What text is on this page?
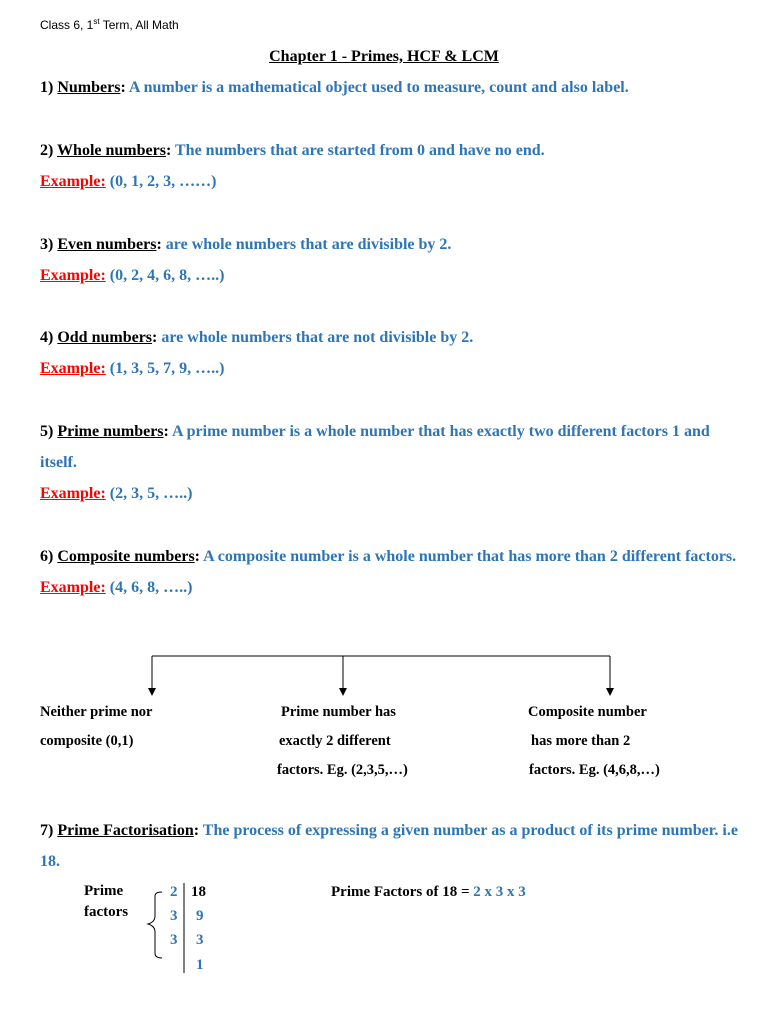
Class 6, 1st Term, All Math
Chapter 1 - Primes, HCF & LCM
1) Numbers: A number is a mathematical object used to measure, count and also label.
2) Whole numbers: The numbers that are started from 0 and have no end.
Example: (0, 1, 2, 3, ……)
3) Even numbers: are whole numbers that are divisible by 2.
Example: (0, 2, 4, 6, 8, …..)
4) Odd numbers: are whole numbers that are not divisible by 2.
Example: (1, 3, 5, 7, 9, …..)
5) Prime numbers: A prime number is a whole number that has exactly two different factors 1 and itself.
Example: (2, 3, 5, …..)
6) Composite numbers: A composite number is a whole number that has more than 2 different factors.
Example: (4, 6, 8, …..)
Neither prime nor
composite (0,1)
Prime number has
exactly 2 different
factors. Eg. (2,3,5,…)
Composite number
has more than 2
factors. Eg. (4,6,8,…)
7) Prime Factorisation: The process of expressing a given number as a product of its prime number. i.e 18.
Prime
factors
2
3
3
18
9
3
1
Prime Factors of 18 = 2 x 3 x 3
